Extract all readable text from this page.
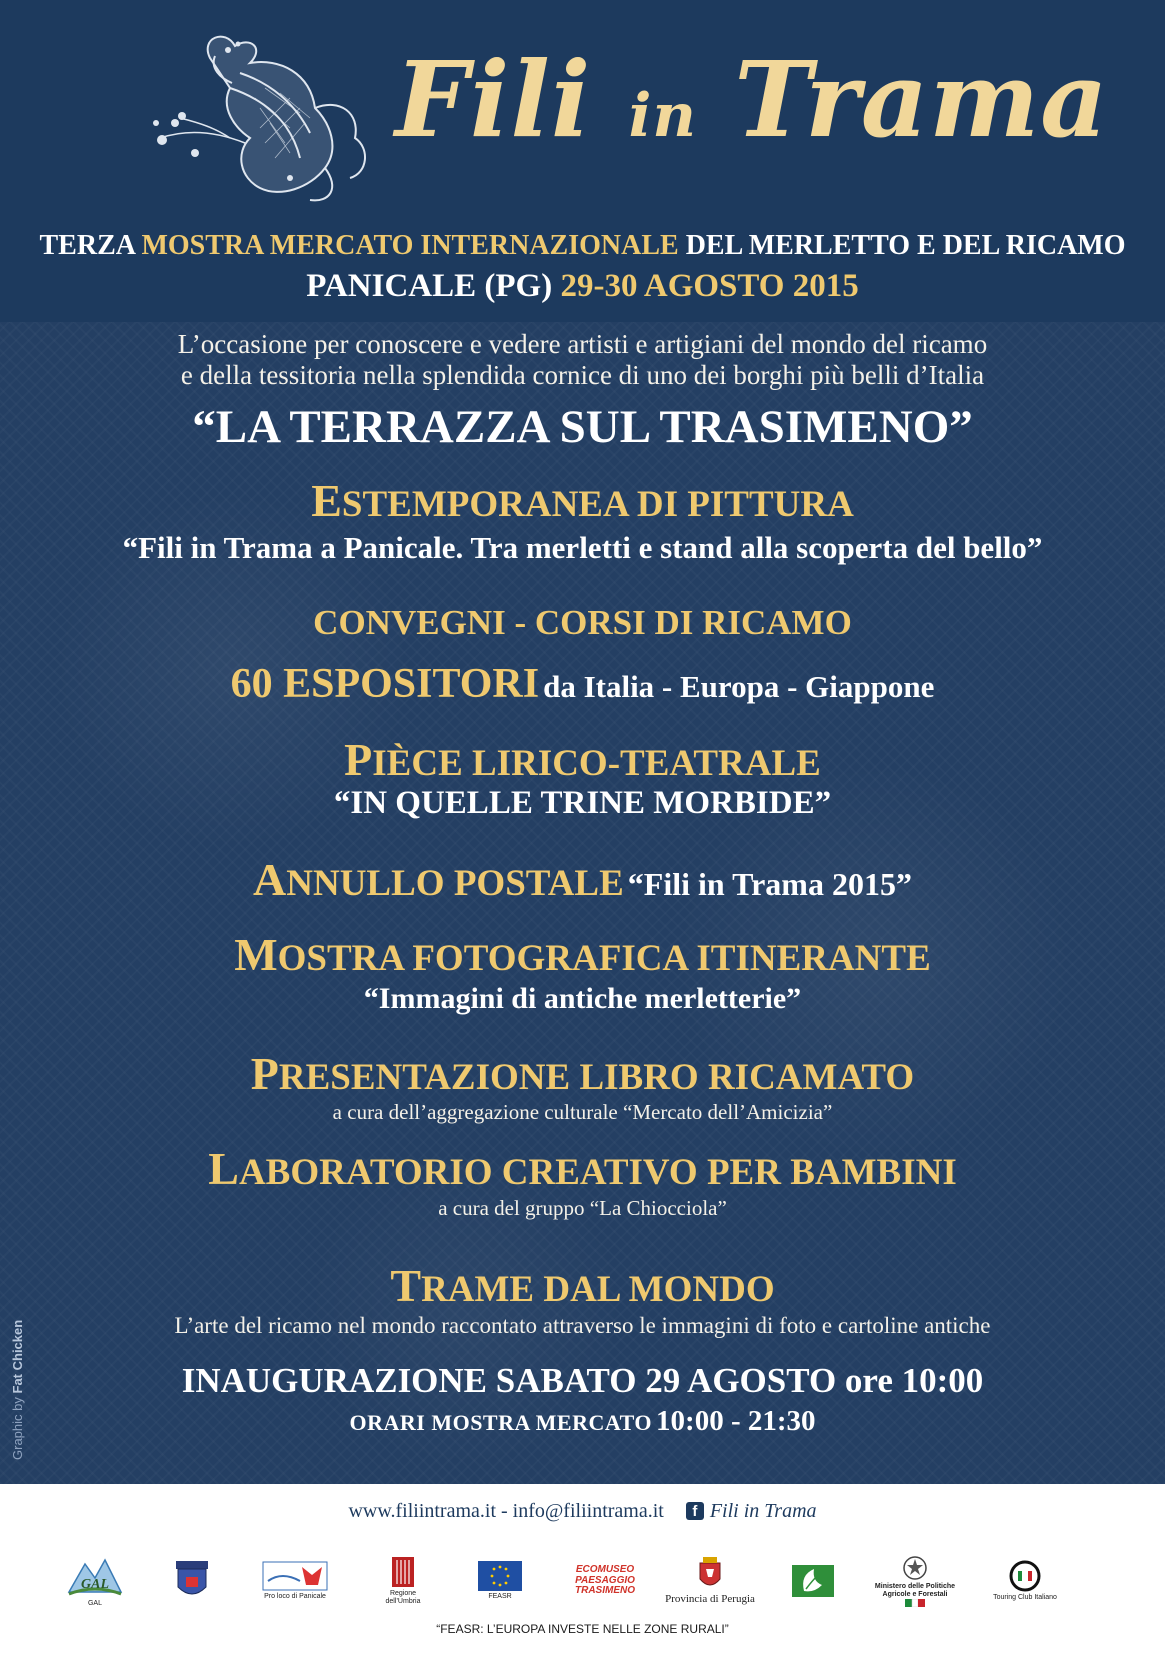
Fili in Trama
TERZA MOSTRA MERCATO INTERNAZIONALE DEL MERLETTO E DEL RICAMO
PANICALE (PG) 29-30 AGOSTO 2015
L’occasione per conoscere e vedere artisti e artigiani del mondo del ricamo
e della tessitoria nella splendida cornice di uno dei borghi più belli d’Italia
“LA TERRAZZA SUL TRASIMENO”
ESTEMPORANEA DI PITTURA
“Fili in Trama a Panicale. Tra merletti e stand alla scoperta del bello”
CONVEGNI - CORSI DI RICAMO
60 ESPOSITORI da Italia - Europa - Giappone
PIÈCE LIRICO-TEATRALE
“IN QUELLE TRINE MORBIDE”
ANNULLO POSTALE “Fili in Trama 2015”
MOSTRA FOTOGRAFICA ITINERANTE
“Immagini di antiche merletterie”
PRESENTAZIONE LIBRO RICAMATO
a cura dell’aggregazione culturale “Mercato dell’Amicizia”
LABORATORIO CREATIVO PER BAMBINI
a cura del gruppo “La Chiocciola”
TRAME DAL MONDO
L’arte del ricamo nel mondo raccontato attraverso le immagini di foto e cartoline antiche
INAUGURAZIONE SABATO 29 AGOSTO ore 10:00
ORARI MOSTRA MERCATO 10:00 - 21:30
Graphic by Fat Chicken
www.filiintrama.it - info@filiintrama.it f Fili in Trama
GAL
GAL
Pro loco di Panicale	Regione dell’Umbria
FEASR
ECOMUSEO PAESAGGIO TRASIMENO
Provincia di Perugia
Ministero delle Politiche Agricole e Forestali	Touring Club Italiano
“FEASR: L’EUROPA INVESTE NELLE ZONE RURALI”
